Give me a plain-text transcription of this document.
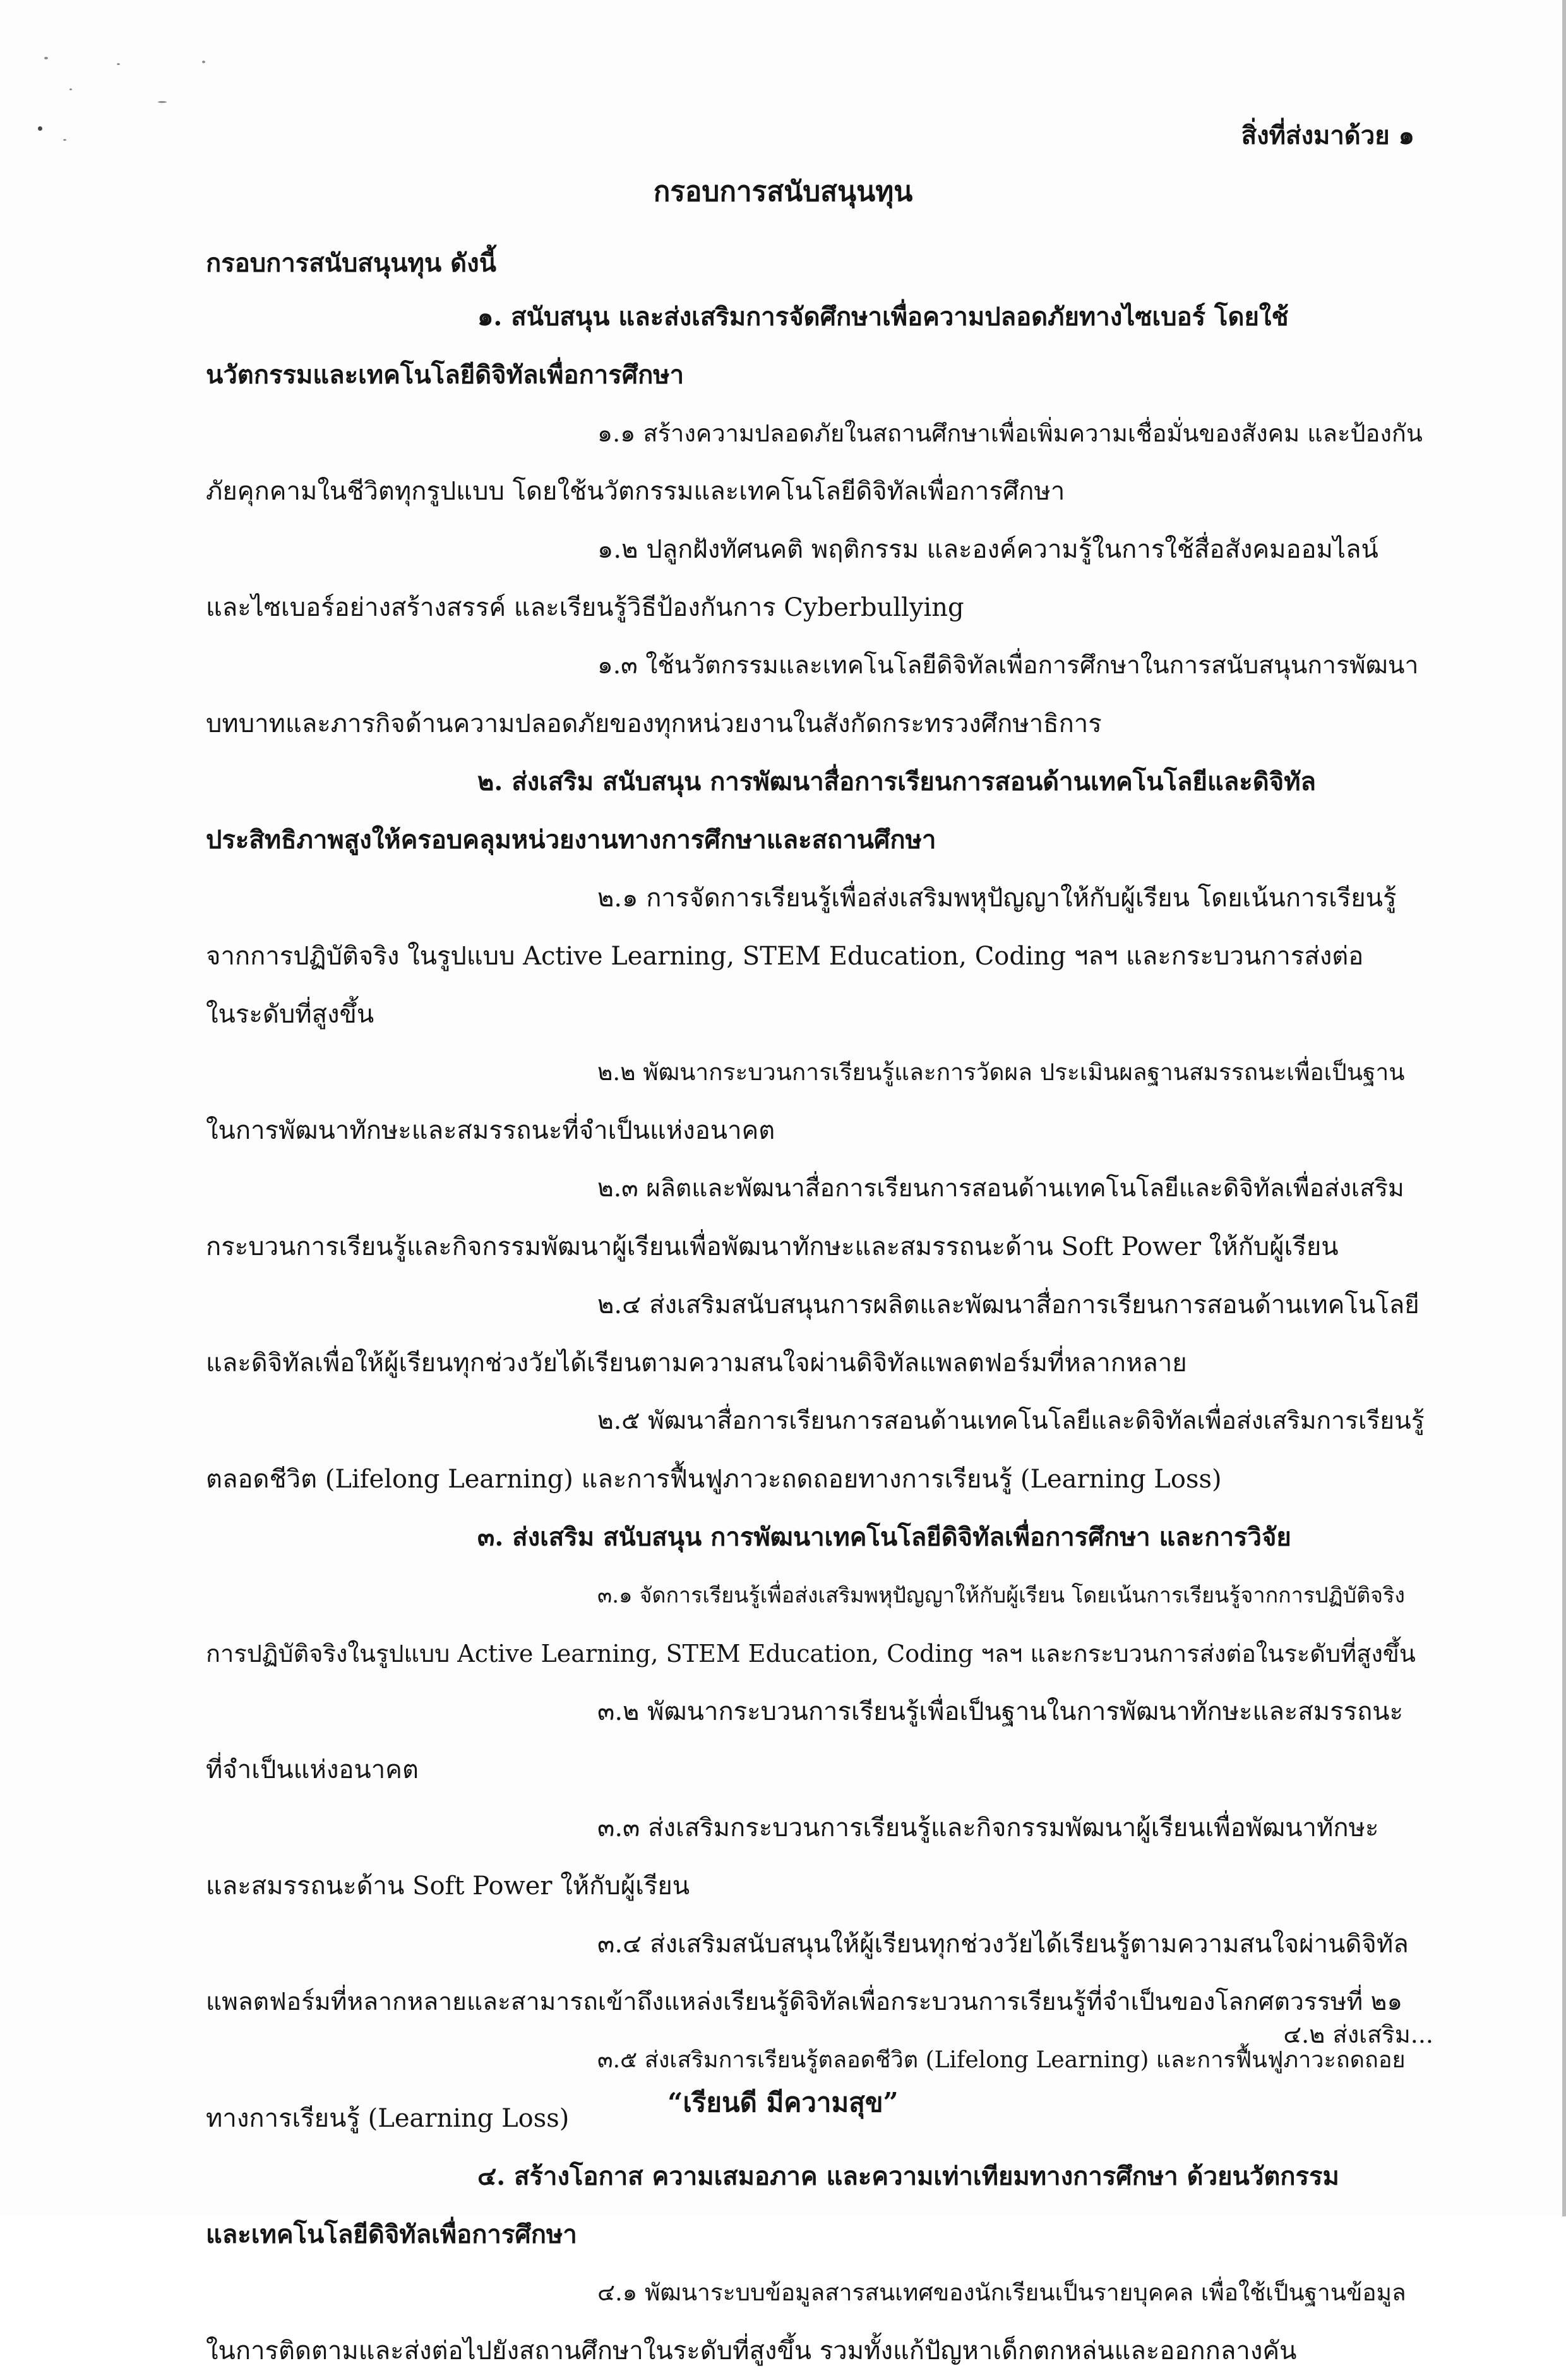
สิ่งที่ส่งมาด้วย ๑
กรอบการสนับสนุนทุน
กรอบการสนับสนุนทุน ดังนี้
๑. สนับสนุน และส่งเสริมการจัดศึกษาเพื่อความปลอดภัยทางไซเบอร์ โดยใช้
นวัตกรรมและเทคโนโลยีดิจิทัลเพื่อการศึกษา
๑.๑ สร้างความปลอดภัยในสถานศึกษาเพื่อเพิ่มความเชื่อมั่นของสังคม และป้องกัน
ภัยคุกคามในชีวิตทุกรูปแบบ โดยใช้นวัตกรรมและเทคโนโลยีดิจิทัลเพื่อการศึกษา
๑.๒ ปลูกฝังทัศนคติ พฤติกรรม และองค์ความรู้ในการใช้สื่อสังคมออมไลน์
และไซเบอร์อย่างสร้างสรรค์ และเรียนรู้วิธีป้องกันการ Cyberbullying
๑.๓ ใช้นวัตกรรมและเทคโนโลยีดิจิทัลเพื่อการศึกษาในการสนับสนุนการพัฒนา
บทบาทและภารกิจด้านความปลอดภัยของทุกหน่วยงานในสังกัดกระทรวงศึกษาธิการ
๒. ส่งเสริม สนับสนุน การพัฒนาสื่อการเรียนการสอนด้านเทคโนโลยีและดิจิทัล
ประสิทธิภาพสูงให้ครอบคลุมหน่วยงานทางการศึกษาและสถานศึกษา
๒.๑ การจัดการเรียนรู้เพื่อส่งเสริมพหุปัญญาให้กับผู้เรียน โดยเน้นการเรียนรู้
จากการปฏิบัติจริง ในรูปแบบ Active Learning, STEM Education, Coding ฯลฯ และกระบวนการส่งต่อ
ในระดับที่สูงขึ้น
๒.๒ พัฒนากระบวนการเรียนรู้และการวัดผล ประเมินผลฐานสมรรถนะเพื่อเป็นฐาน
ในการพัฒนาทักษะและสมรรถนะที่จำเป็นแห่งอนาคต
๒.๓ ผลิตและพัฒนาสื่อการเรียนการสอนด้านเทคโนโลยีและดิจิทัลเพื่อส่งเสริม
กระบวนการเรียนรู้และกิจกรรมพัฒนาผู้เรียนเพื่อพัฒนาทักษะและสมรรถนะด้าน Soft Power ให้กับผู้เรียน
๒.๔ ส่งเสริมสนับสนุนการผลิตและพัฒนาสื่อการเรียนการสอนด้านเทคโนโลยี
และดิจิทัลเพื่อให้ผู้เรียนทุกช่วงวัยได้เรียนตามความสนใจผ่านดิจิทัลแพลตฟอร์มที่หลากหลาย
๒.๕ พัฒนาสื่อการเรียนการสอนด้านเทคโนโลยีและดิจิทัลเพื่อส่งเสริมการเรียนรู้
ตลอดชีวิต (Lifelong Learning) และการฟื้นฟูภาวะถดถอยทางการเรียนรู้ (Learning Loss)
๓. ส่งเสริม สนับสนุน การพัฒนาเทคโนโลยีดิจิทัลเพื่อการศึกษา และการวิจัย
๓.๑ จัดการเรียนรู้เพื่อส่งเสริมพหุปัญญาให้กับผู้เรียน โดยเน้นการเรียนรู้จากการปฏิบัติจริง
การปฏิบัติจริงในรูปแบบ Active Learning, STEM Education, Coding ฯลฯ และกระบวนการส่งต่อในระดับที่สูงขึ้น
๓.๒ พัฒนากระบวนการเรียนรู้เพื่อเป็นฐานในการพัฒนาทักษะและสมรรถนะ
ที่จำเป็นแห่งอนาคต
๓.๓ ส่งเสริมกระบวนการเรียนรู้และกิจกรรมพัฒนาผู้เรียนเพื่อพัฒนาทักษะ
และสมรรถนะด้าน Soft Power ให้กับผู้เรียน
๓.๔ ส่งเสริมสนับสนุนให้ผู้เรียนทุกช่วงวัยได้เรียนรู้ตามความสนใจผ่านดิจิทัล
แพลตฟอร์มที่หลากหลายและสามารถเข้าถึงแหล่งเรียนรู้ดิจิทัลเพื่อกระบวนการเรียนรู้ที่จำเป็นของโลกศตวรรษที่ ๒๑
๓.๕ ส่งเสริมการเรียนรู้ตลอดชีวิต (Lifelong Learning) และการฟื้นฟูภาวะถดถอย
ทางการเรียนรู้ (Learning Loss)
๔. สร้างโอกาส ความเสมอภาค และความเท่าเทียมทางการศึกษา ด้วยนวัตกรรม
และเทคโนโลยีดิจิทัลเพื่อการศึกษา
๔.๑ พัฒนาระบบข้อมูลสารสนเทศของนักเรียนเป็นรายบุคคล เพื่อใช้เป็นฐานข้อมูล
ในการติดตามและส่งต่อไปยังสถานศึกษาในระดับที่สูงขึ้น รวมทั้งแก้ปัญหาเด็กตกหล่นและออกกลางคัน
๔.๒ ส่งเสริม...
“เรียนดี มีความสุข”
